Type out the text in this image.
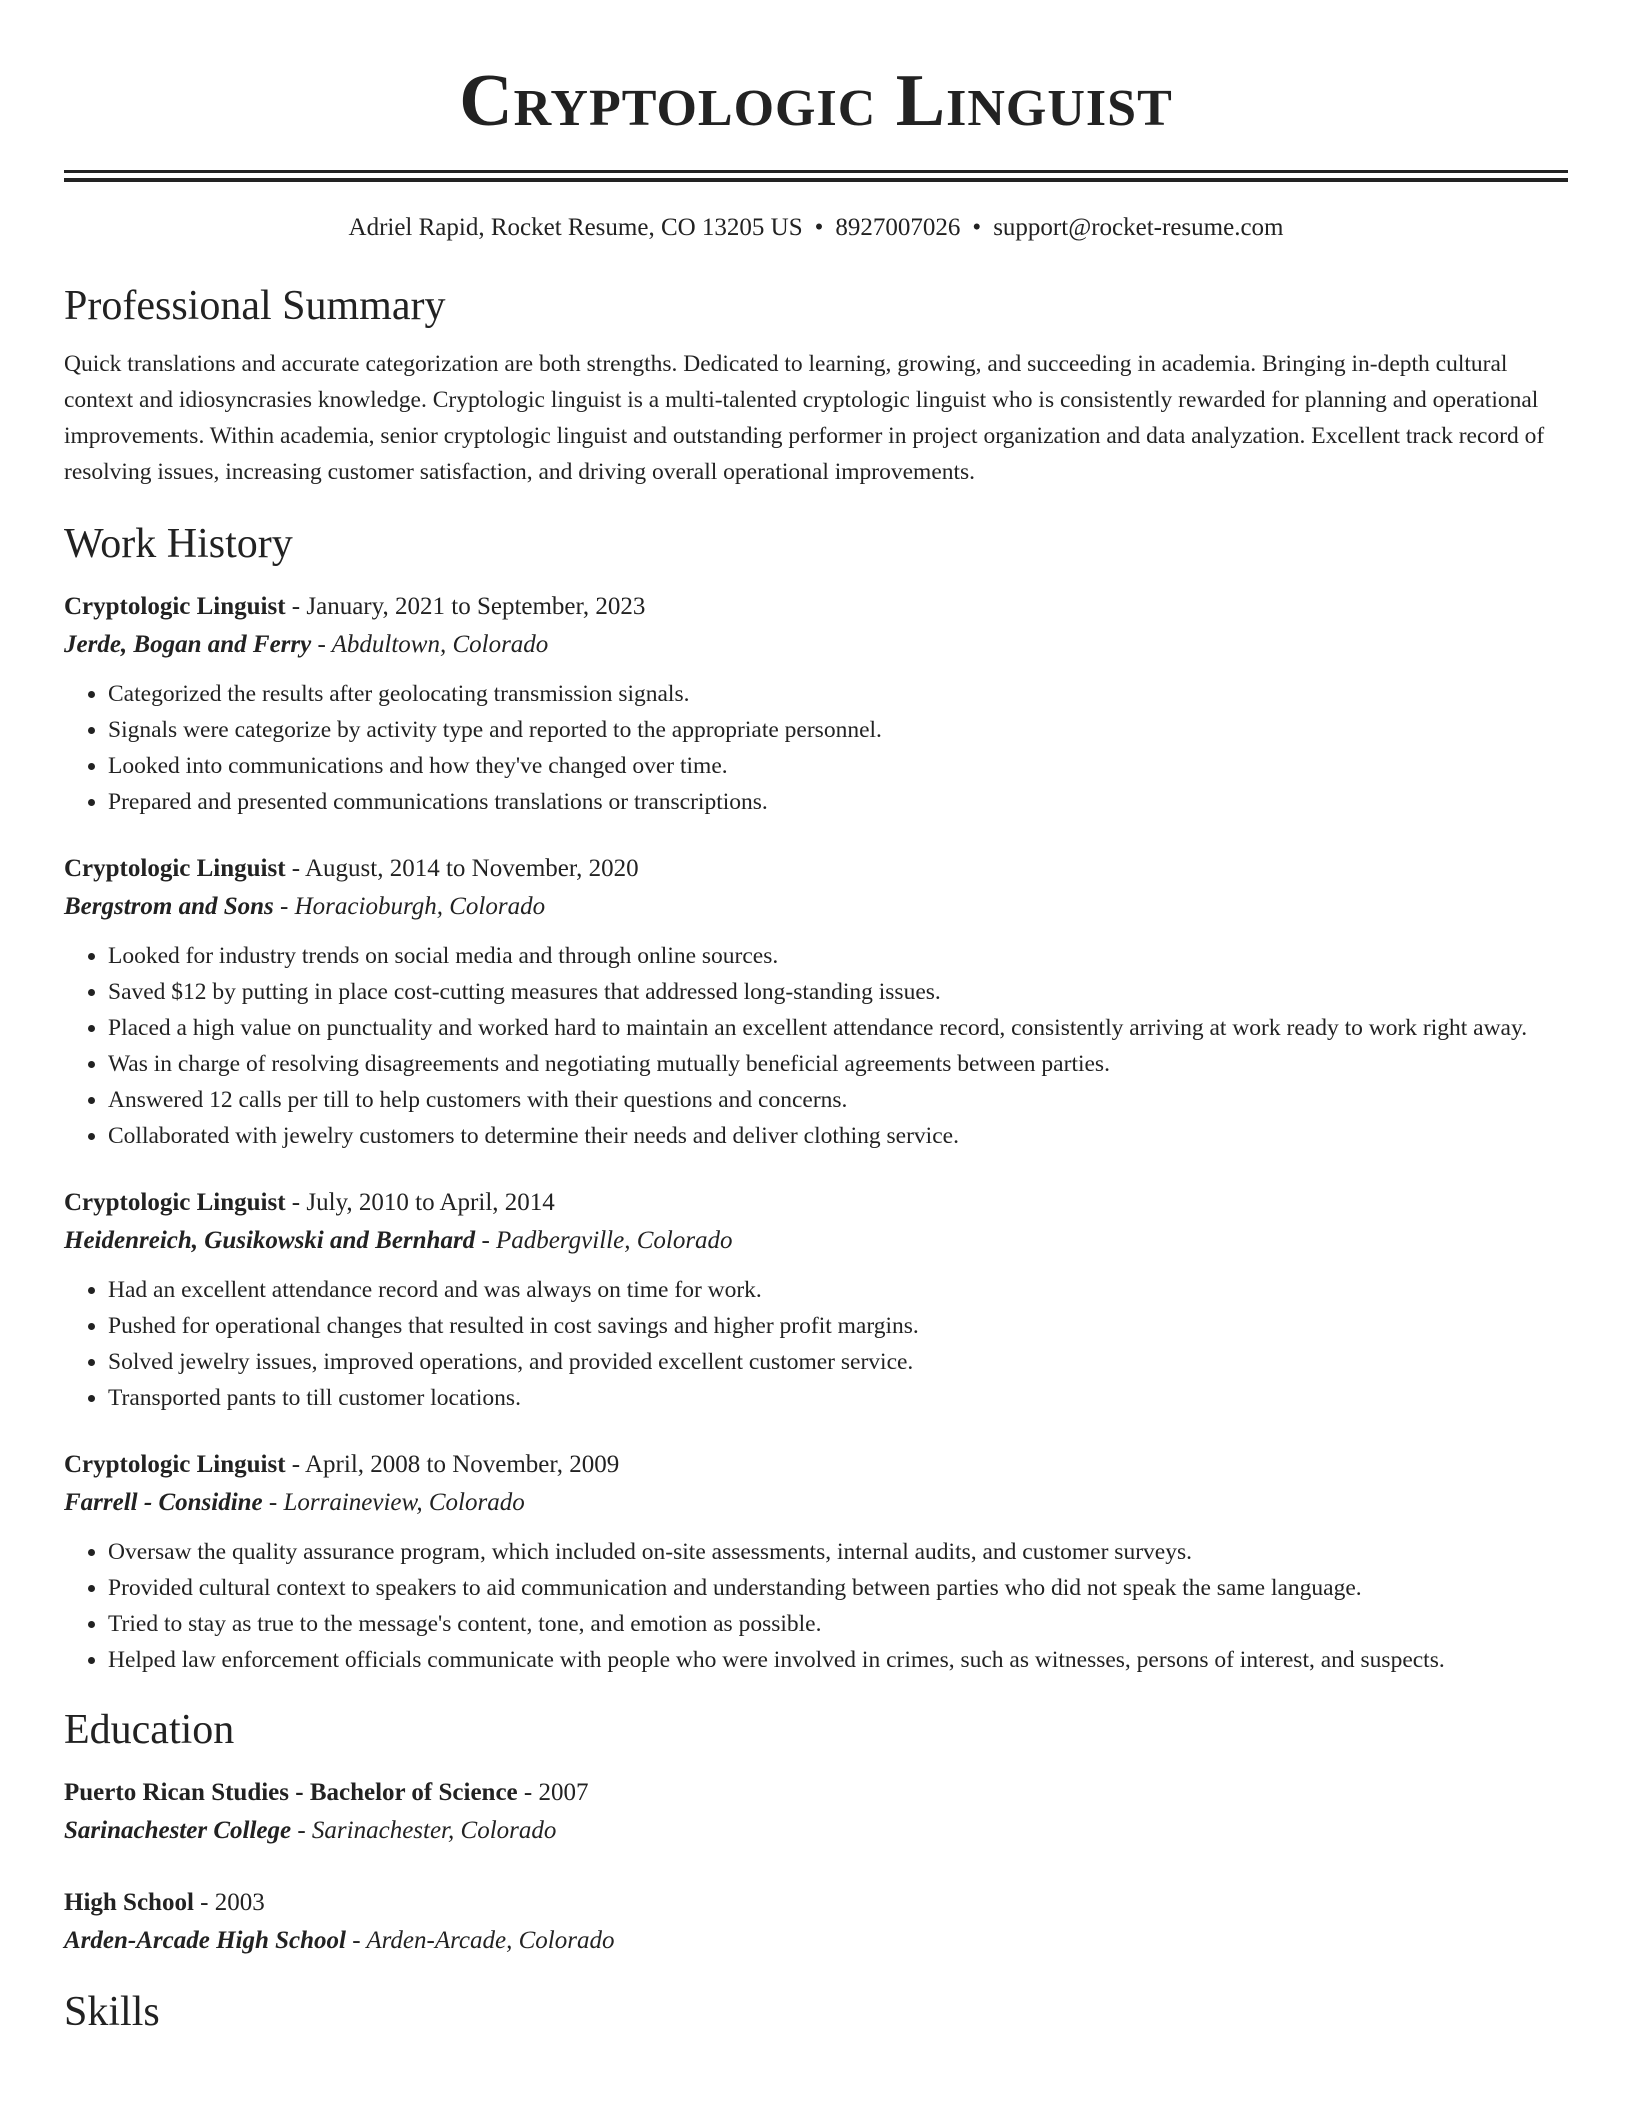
Cryptologic Linguist
Adriel Rapid, Rocket Resume, CO 13205 US • 8927007026 • support@rocket-resume.com
Professional Summary
Quick translations and accurate categorization are both strengths. Dedicated to learning, growing, and succeeding in academia. Bringing in-depth cultural context and idiosyncrasies knowledge. Cryptologic linguist is a multi-talented cryptologic linguist who is consistently rewarded for planning and operational improvements. Within academia, senior cryptologic linguist and outstanding performer in project organization and data analyzation. Excellent track record of resolving issues, increasing customer satisfaction, and driving overall operational improvements.
Work History
Cryptologic Linguist - January, 2021 to September, 2023
Jerde, Bogan and Ferry - Abdultown, Colorado
• Categorized the results after geolocating transmission signals.
• Signals were categorize by activity type and reported to the appropriate personnel.
• Looked into communications and how they've changed over time.
• Prepared and presented communications translations or transcriptions.
Cryptologic Linguist - August, 2014 to November, 2020
Bergstrom and Sons - Horacioburgh, Colorado
• Looked for industry trends on social media and through online sources.
• Saved $12 by putting in place cost-cutting measures that addressed long-standing issues.
• Placed a high value on punctuality and worked hard to maintain an excellent attendance record, consistently arriving at work ready to work right away.
• Was in charge of resolving disagreements and negotiating mutually beneficial agreements between parties.
• Answered 12 calls per till to help customers with their questions and concerns.
• Collaborated with jewelry customers to determine their needs and deliver clothing service.
Cryptologic Linguist - July, 2010 to April, 2014
Heidenreich, Gusikowski and Bernhard - Padbergville, Colorado
• Had an excellent attendance record and was always on time for work.
• Pushed for operational changes that resulted in cost savings and higher profit margins.
• Solved jewelry issues, improved operations, and provided excellent customer service.
• Transported pants to till customer locations.
Cryptologic Linguist - April, 2008 to November, 2009
Farrell - Considine - Lorraineview, Colorado
• Oversaw the quality assurance program, which included on-site assessments, internal audits, and customer surveys.
• Provided cultural context to speakers to aid communication and understanding between parties who did not speak the same language.
• Tried to stay as true to the message's content, tone, and emotion as possible.
• Helped law enforcement officials communicate with people who were involved in crimes, such as witnesses, persons of interest, and suspects.
Education
Puerto Rican Studies - Bachelor of Science - 2007
Sarinachester College - Sarinachester, Colorado
High School - 2003
Arden-Arcade High School - Arden-Arcade, Colorado
Skills
